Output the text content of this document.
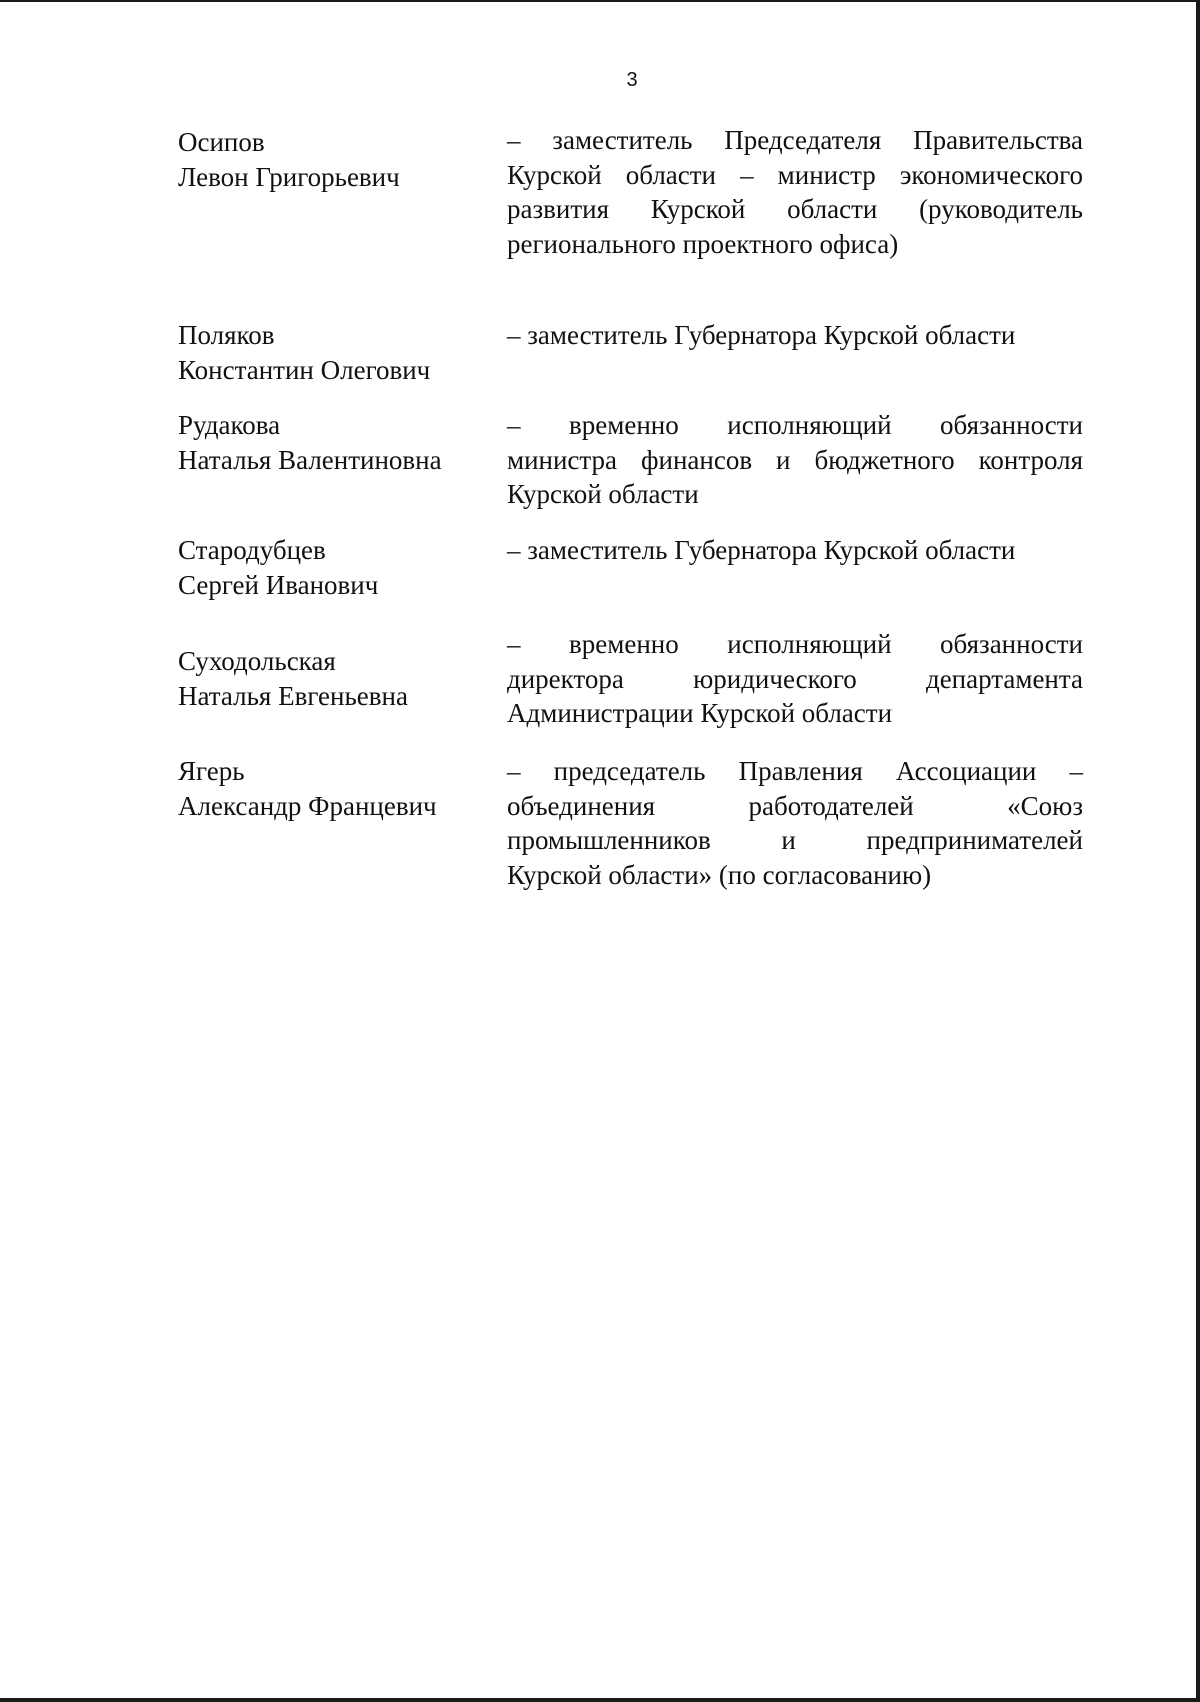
3
Осипов
Левон Григорьевич
– заместитель Председателя Правительства
Курской области – министр экономического
развития Курской области (руководитель
регионального проектного офиса)
Поляков
Константин Олегович
– заместитель Губернатора Курской области
Рудакова
Наталья Валентиновна
– временно исполняющий обязанности
министра финансов и бюджетного контроля
Курской области
Стародубцев
Сергей Иванович
– заместитель Губернатора Курской области
Суходольская
Наталья Евгеньевна
– временно исполняющий обязанности
директора юридического департамента
Администрации Курской области
Ягерь
Александр Францевич
– председатель Правления Ассоциации –
объединения работодателей «Союз
промышленников и предпринимателей
Курской области» (по согласованию)
